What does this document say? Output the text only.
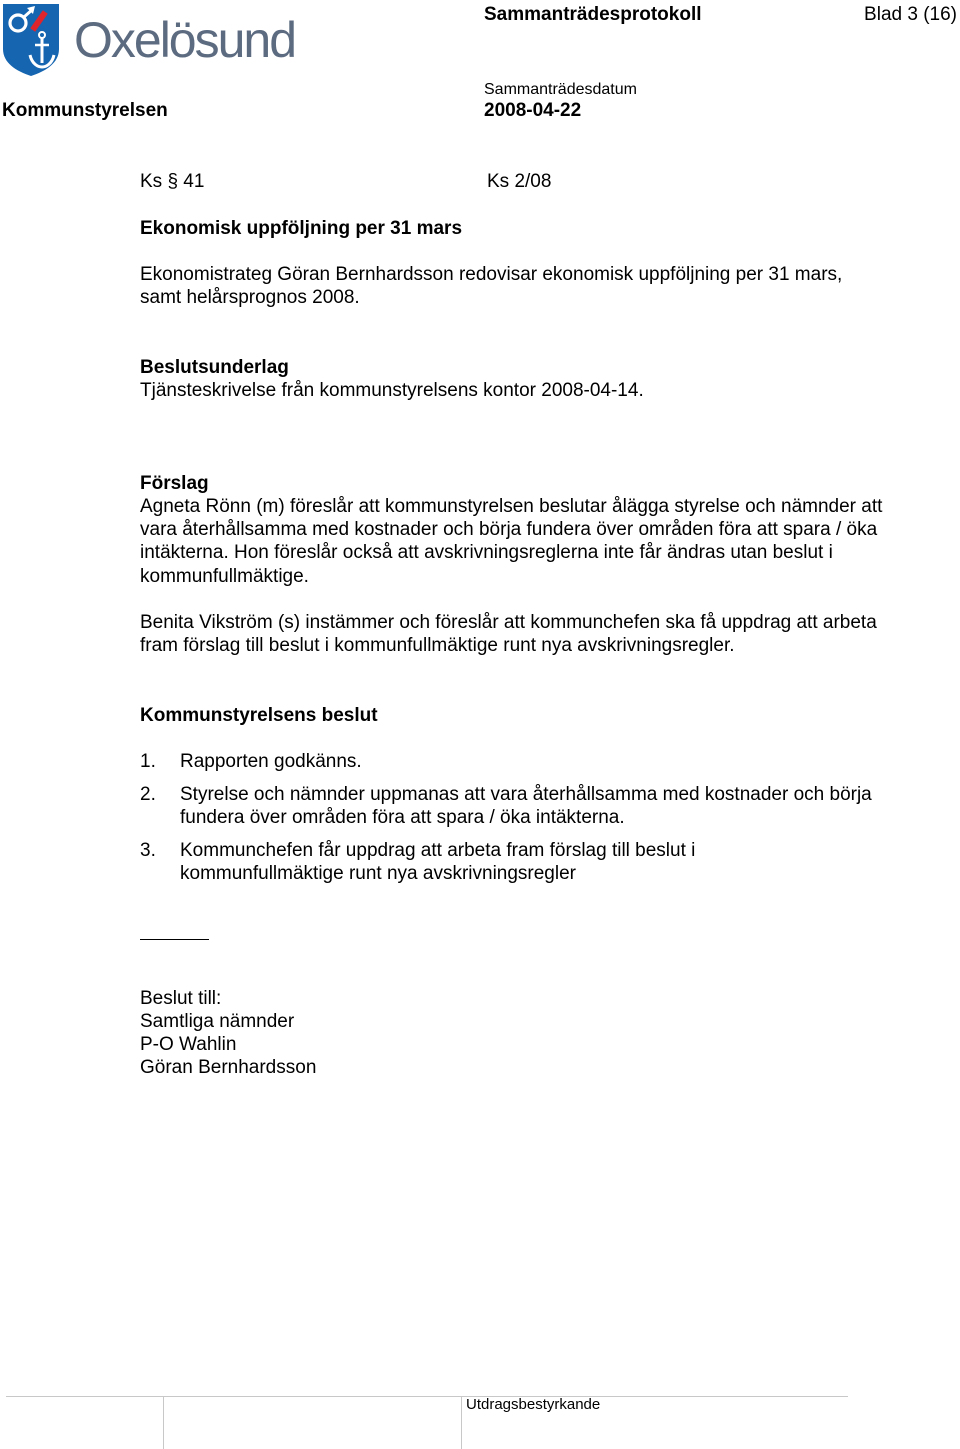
Oxelösund	Sammanträdesprotokoll	Blad 3 (16)
Sammanträdesdatum
Kommunstyrelsen	2008-04-22
Ks § 41	Ks 2/08
Ekonomisk uppföljning per 31 mars
Ekonomistrateg Göran Bernhardsson redovisar ekonomisk uppföljning per 31 mars, samt helårsprognos 2008.
Beslutsunderlag
Tjänsteskrivelse från kommunstyrelsens kontor 2008-04-14.
Förslag
Agneta Rönn (m) föreslår att kommunstyrelsen beslutar ålägga styrelse och nämnder att vara återhållsamma med kostnader och börja fundera över områden föra att spara / öka intäkterna. Hon föreslår också att avskrivningsreglerna inte får ändras utan beslut i kommunfullmäktige.
Benita Vikström (s) instämmer och föreslår att kommunchefen ska få uppdrag att arbeta fram förslag till beslut i kommunfullmäktige runt nya avskrivningsregler.
Kommunstyrelsens beslut
1. Rapporten godkänns.
2. Styrelse och nämnder uppmanas att vara återhållsamma med kostnader och börja fundera över områden föra att spara / öka intäkterna.
3. Kommunchefen får uppdrag att arbeta fram förslag till beslut i kommunfullmäktige runt nya avskrivningsregler
Beslut till:
Samtliga nämnder
P-O Wahlin
Göran Bernhardsson
Utdragsbestyrkande
